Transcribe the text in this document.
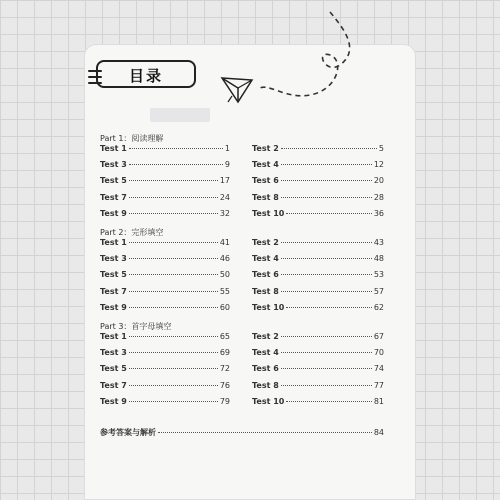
目录
Part 1：阅读理解
Test 1	1
Test 3	9
Test 5	17
Test 7	24
Test 9	32
Test 2	5
Test 4	12
Test 6	20
Test 8	28
Test 10	36
Part 2：完形填空
Test 1	41
Test 3	46
Test 5	50
Test 7	55
Test 9	60
Test 2	43
Test 4	48
Test 6	53
Test 8	57
Test 10	62
Part 3：首字母填空
Test 1	65
Test 3	69
Test 5	72
Test 7	76
Test 9	79
Test 2	67
Test 4	70
Test 6	74
Test 8	77
Test 10	81
参考答案与解析	84
